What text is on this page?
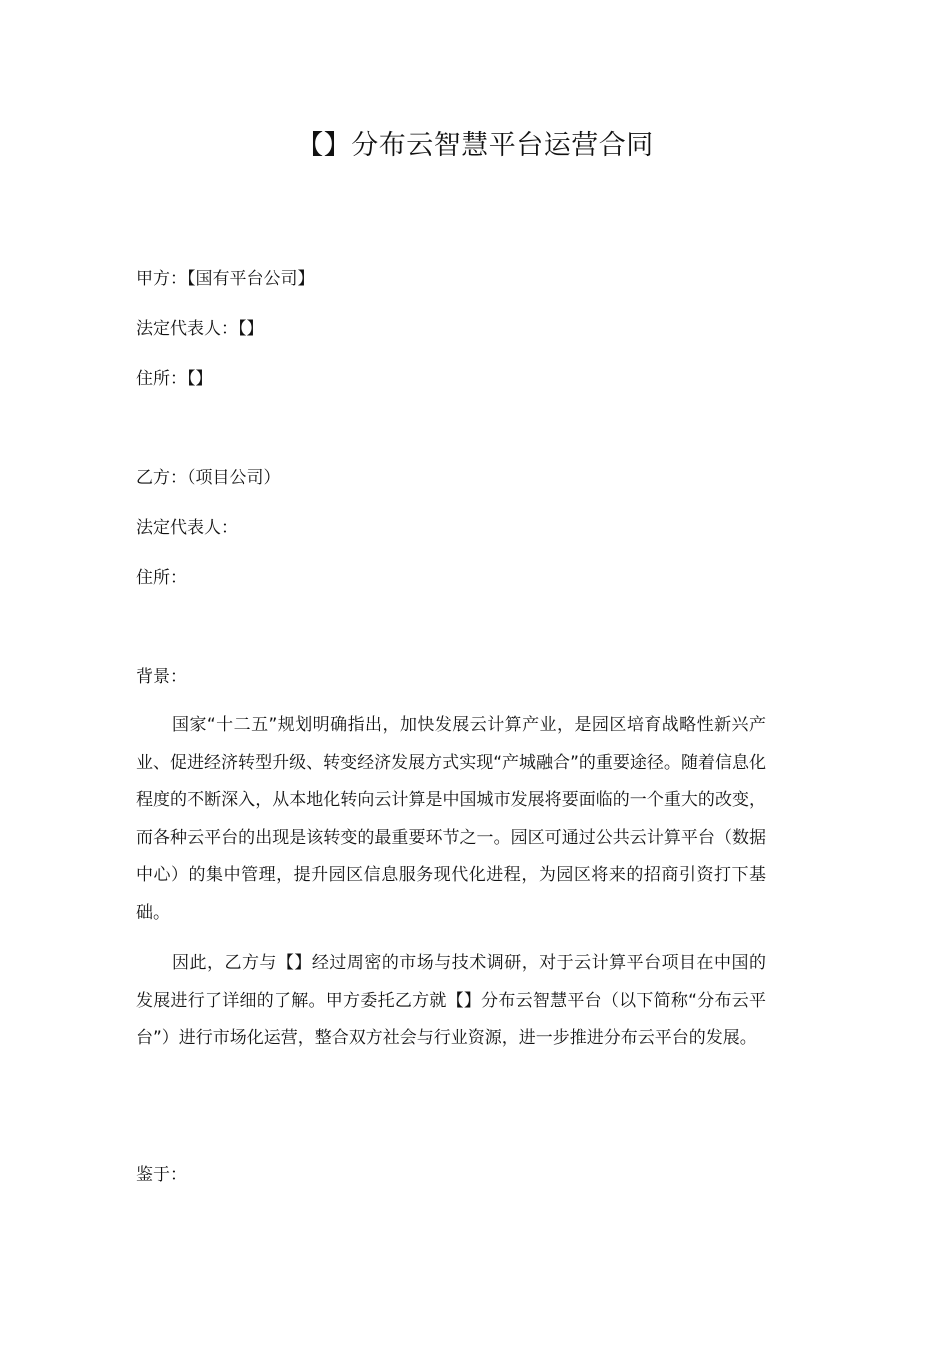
【】分布云智慧平台运营合同
甲方：【国有平台公司】
法定代表人：【】
住所：【】
乙方：（项目公司）
法定代表人：
住所：
背景：

国家“十二五”规划明确指出，加快发展云计算产业，是园区培育战略性新兴产业、促进经济转型升级、转变经济发展方式实现“产城融合”的重要途径。随着信息化程度的不断深入，从本地化转向云计算是中国城市发展将要面临的一个重大的改变，而各种云平台的出现是该转变的最重要环节之一。园区可通过公共云计算平台（数据中心）的集中管理，提升园区信息服务现代化进程，为园区将来的招商引资打下基础。

因此，乙方与【】经过周密的市场与技术调研，对于云计算平台项目在中国的发展进行了详细的了解。甲方委托乙方就【】分布云智慧平台（以下简称“分布云平台”）进行市场化运营，整合双方社会与行业资源，进一步推进分布云平台的发展。

鉴于：
